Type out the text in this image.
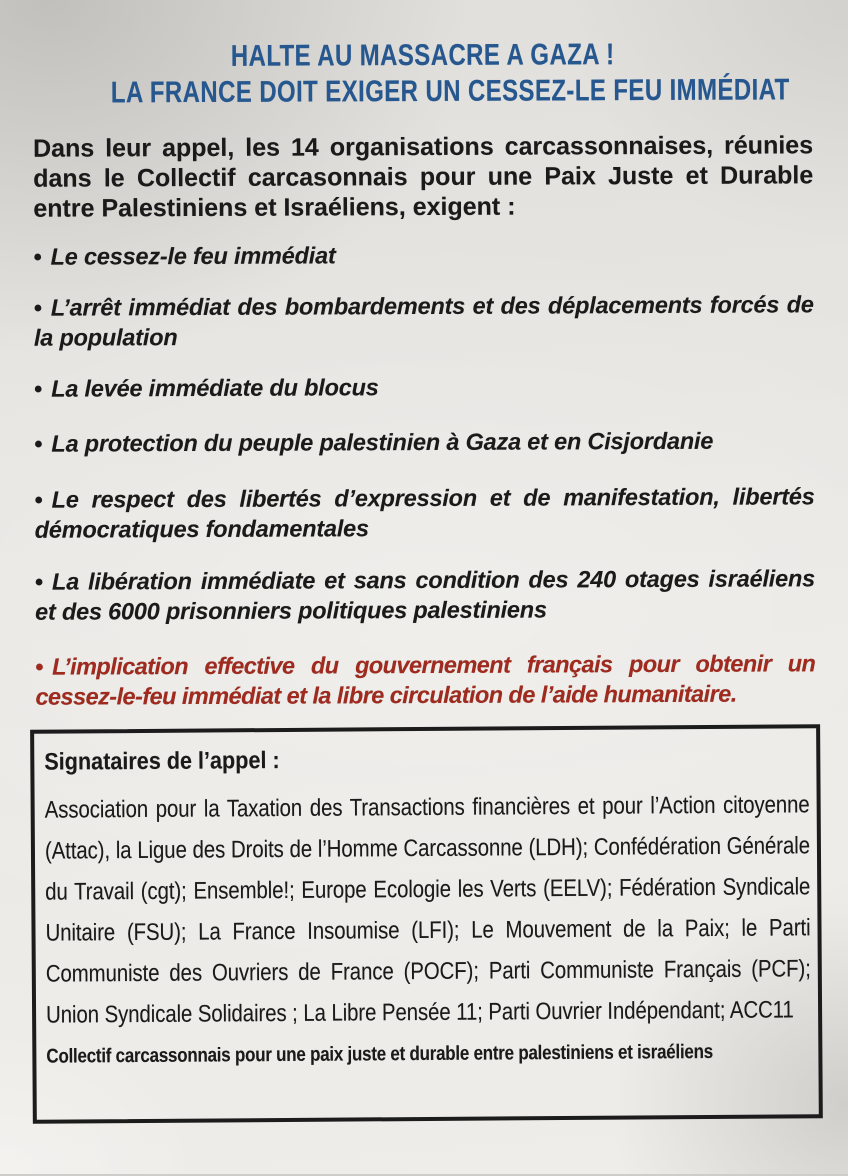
HALTE AU MASSACRE A GAZA !
LA FRANCE DOIT EXIGER UN CESSEZ-LE FEU IMMÉDIAT

Dans leur appel, les 14 organisations carcassonnaises, réunies dans le Collectif carcasonnais pour une Paix Juste et Durable entre Palestiniens et Israéliens, exigent :

• Le cessez-le feu immédiat
• L’arrêt immédiat des bombardements et des déplacements forcés de la population
• La levée immédiate du blocus
• La protection du peuple palestinien à Gaza et en Cisjordanie
• Le respect des libertés d’expression et de manifestation, libertés démocratiques fondamentales
• La libération immédiate et sans condition des 240 otages israéliens et des 6000 prisonniers politiques palestiniens
• L’implication effective du gouvernement français pour obtenir un cessez-le-feu immédiat et la libre circulation de l’aide humanitaire.

Signataires de l’appel :

Association pour la Taxation des Transactions financières et pour l’Action citoyenne (Attac), la Ligue des Droits de l’Homme Carcassonne (LDH); Confédération Générale du Travail (cgt); Ensemble!; Europe Ecologie les Verts (EELV); Fédération Syndicale Unitaire (FSU); La France Insoumise (LFI); Le Mouvement de la Paix; le Parti Communiste des Ouvriers de France (POCF); Parti Communiste Français (PCF); Union Syndicale Solidaires ; La Libre Pensée 11; Parti Ouvrier Indépendant; ACC11

Collectif carcassonnais pour une paix juste et durable entre palestiniens et israéliens
